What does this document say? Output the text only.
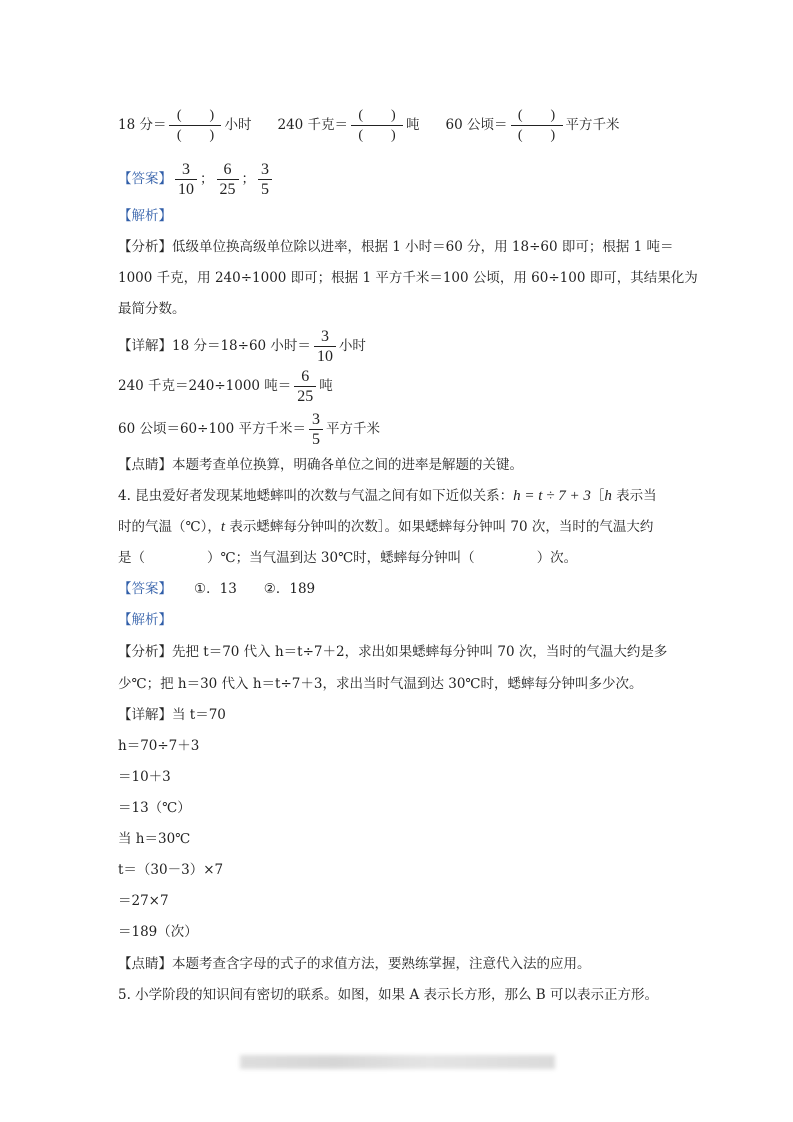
18 分＝ $\frac{( )}{( )}$ 小时 240 千克＝ $\frac{( )}{( )}$ 吨 60 公顷＝ $\frac{( )}{( )}$ 平方千米
【答案】 $\frac{3}{10}$ ； $\frac{6}{25}$ ； $\frac{3}{5}$
【解析】
【分析】低级单位换高级单位除以进率，根据 1 小时＝60 分，用 18÷60 即可；根据 1 吨＝
1000 千克，用 240÷1000 即可；根据 1 平方千米＝100 公顷，用 60÷100 即可，其结果化为
最简分数。
【详解】18 分＝18÷60 小时＝ $\frac{3}{10}$ 小时
240 千克＝240÷1000 吨＝ $\frac{6}{25}$ 吨
60 公顷＝60÷100 平方千米＝ $\frac{3}{5}$ 平方千米
【点睛】本题考查单位换算，明确各单位之间的进率是解题的关键。
4. 昆虫爱好者发现某地蟋蟀叫的次数与气温之间有如下近似关系：h = t ÷ 7 + 3［h 表示当
时的气温（℃），t 表示蟋蟀每分钟叫的次数］。如果蟋蟀每分钟叫 70 次，当时的气温大约
是（	）℃；当气温到达 30℃时，蟋蟀每分钟叫（	）次。
【答案】 ①．13　　②．189
【解析】
【分析】先把 t＝70 代入 h＝t÷7＋2，求出如果蟋蟀每分钟叫 70 次，当时的气温大约是多
少℃；把 h＝30 代入 h＝t÷7＋3，求出当时气温到达 30℃时，蟋蟀每分钟叫多少次。
【详解】当 t＝70
h＝70÷7＋3
＝10＋3
＝13（℃）
当 h＝30℃
t＝（30－3）×7
＝27×7
＝189（次）
【点睛】本题考查含字母的式子的求值方法，要熟练掌握，注意代入法的应用。
5. 小学阶段的知识间有密切的联系。如图，如果 A 表示长方形，那么 B 可以表示正方形。
